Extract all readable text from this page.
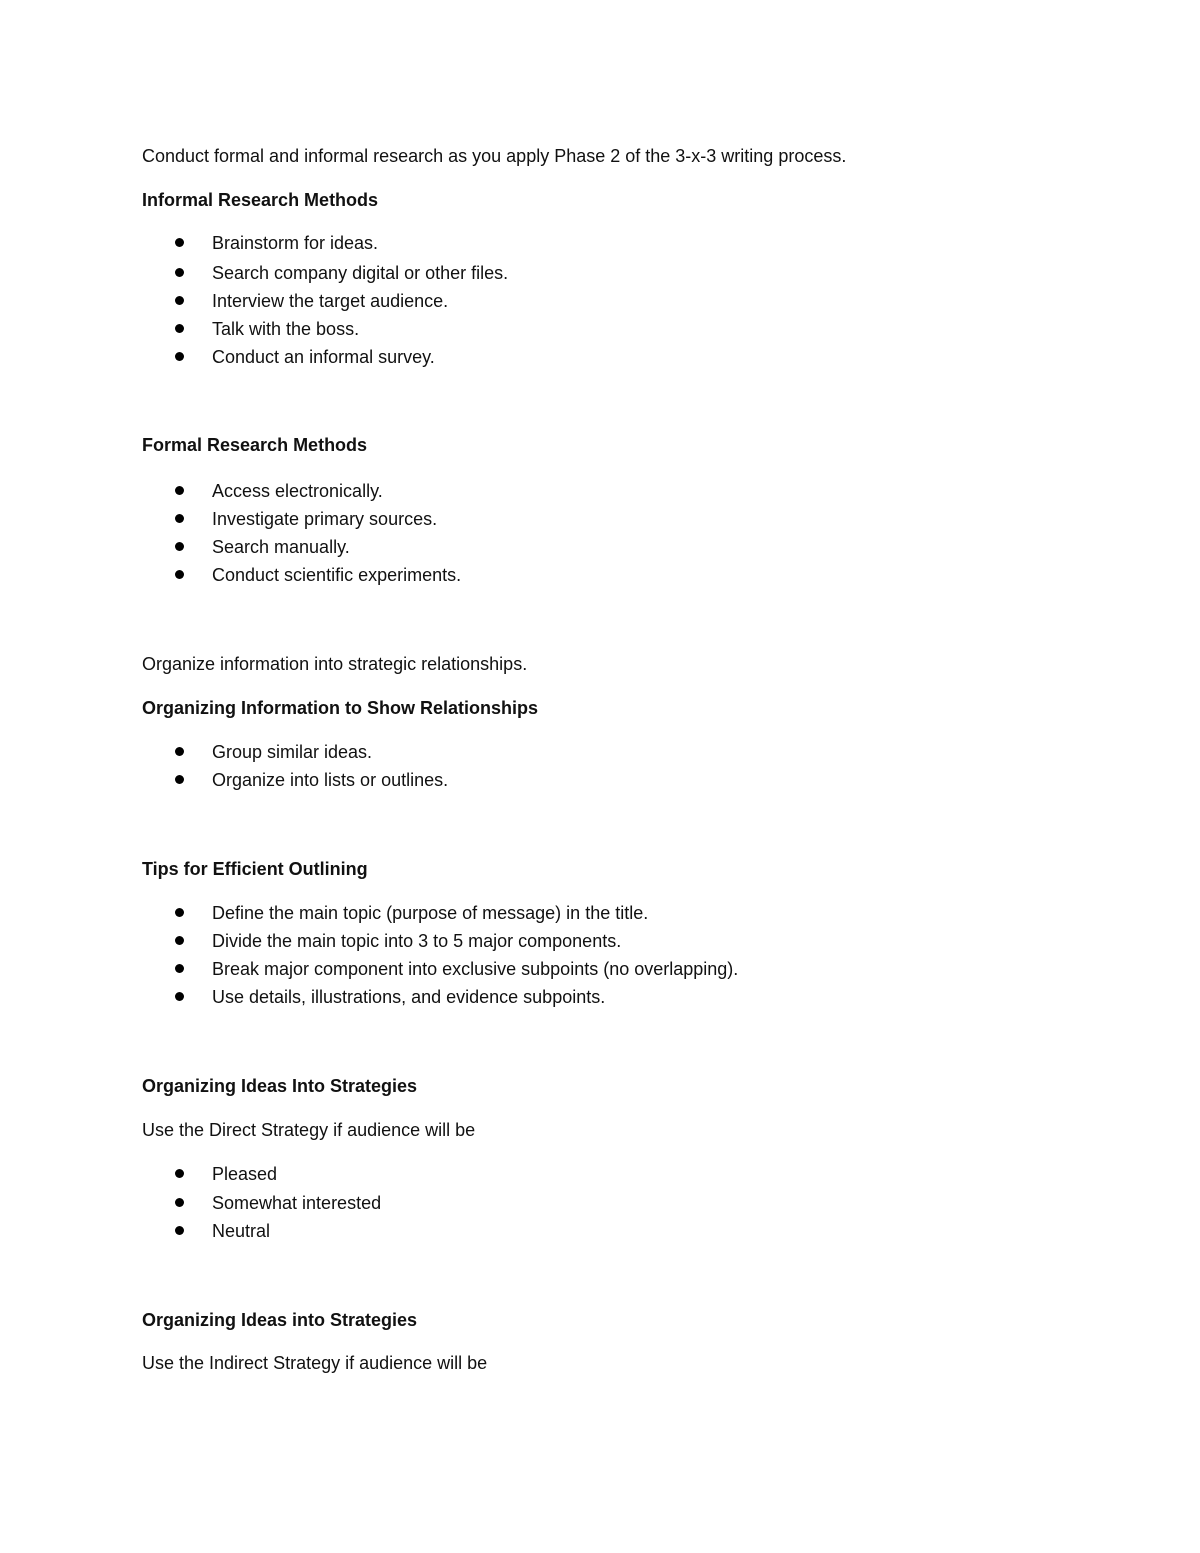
Conduct formal and informal research as you apply Phase 2 of the 3-x-3 writing process.
Informal Research Methods
Brainstorm for ideas.
Search company digital or other files.
Interview the target audience.
Talk with the boss.
Conduct an informal survey.
Formal Research Methods
Access electronically.
Investigate primary sources.
Search manually.
Conduct scientific experiments.
Organize information into strategic relationships.
Organizing Information to Show Relationships
Group similar ideas.
Organize into lists or outlines.
Tips for Efficient Outlining
Define the main topic (purpose of message) in the title.
Divide the main topic into 3 to 5 major components.
Break major component into exclusive subpoints (no overlapping).
Use details, illustrations, and evidence subpoints.
Organizing Ideas Into Strategies
Use the Direct Strategy if audience will be
Pleased
Somewhat interested
Neutral
Organizing Ideas into Strategies
Use the Indirect Strategy if audience will be
